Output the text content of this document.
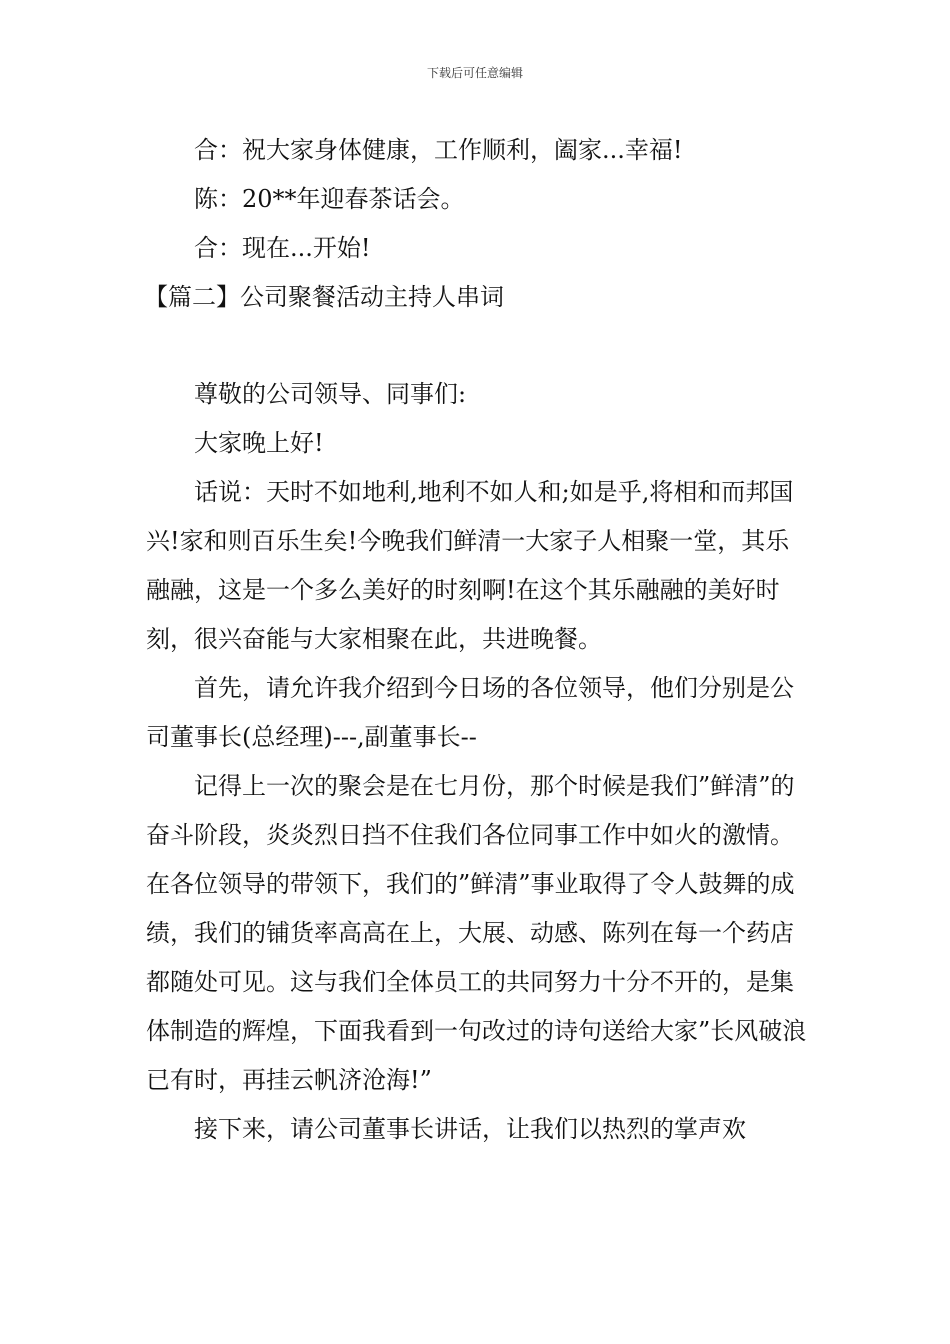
下载后可任意编辑

合：祝大家身体健康，工作顺利，阖家...幸福!

陈：20**年迎春茶话会。

合：现在...开始!

【篇二】公司聚餐活动主持人串词

尊敬的公司领导、同事们:

大家晚上好!

话说：天时不如地利,地利不如人和;如是乎,将相和而邦国兴!家和则百乐生矣!今晚我们鲜清一大家子人相聚一堂，其乐融融，这是一个多么美好的时刻啊!在这个其乐融融的美好时刻，很兴奋能与大家相聚在此，共进晚餐。

首先，请允许我介绍到今日场的各位领导，他们分别是公司董事长(总经理)---,副董事长--

记得上一次的聚会是在七月份，那个时候是我们”鲜清”的奋斗阶段，炎炎烈日挡不住我们各位同事工作中如火的激情。在各位领导的带领下，我们的”鲜清”事业取得了令人鼓舞的成绩，我们的铺货率高高在上，大展、动感、陈列在每一个药店都随处可见。这与我们全体员工的共同努力十分不开的，是集体制造的辉煌，下面我看到一句改过的诗句送给大家”长风破浪已有时，再挂云帆济沧海!”

接下来，请公司董事长讲话，让我们以热烈的掌声欢
